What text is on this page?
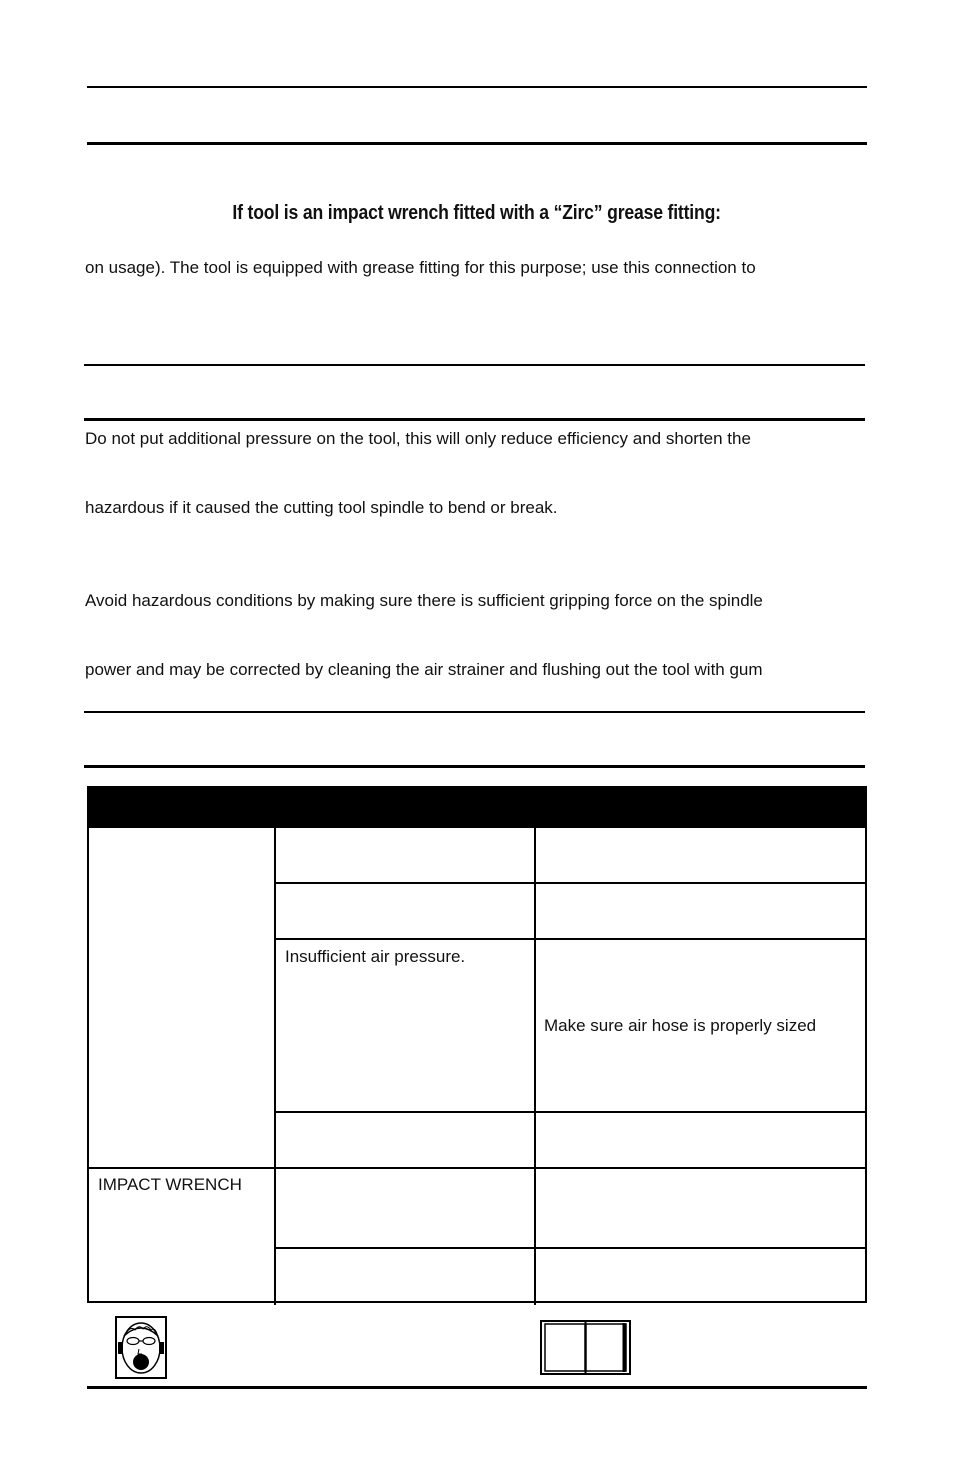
If tool is an impact wrench fitted with a “Zirc” grease fitting:
on usage). The tool is equipped with grease fitting for this purpose; use this connection to
Do not put additional pressure on the tool, this will only reduce efficiency and shorten the
hazardous if it caused the cutting tool spindle to bend or break.
Avoid hazardous conditions by making sure there is sufficient gripping force on the spindle
power and may be corrected by cleaning the air strainer and flushing out the tool with gum
Insufficient air pressure.
Make sure air hose is properly sized
IMPACT WRENCH
